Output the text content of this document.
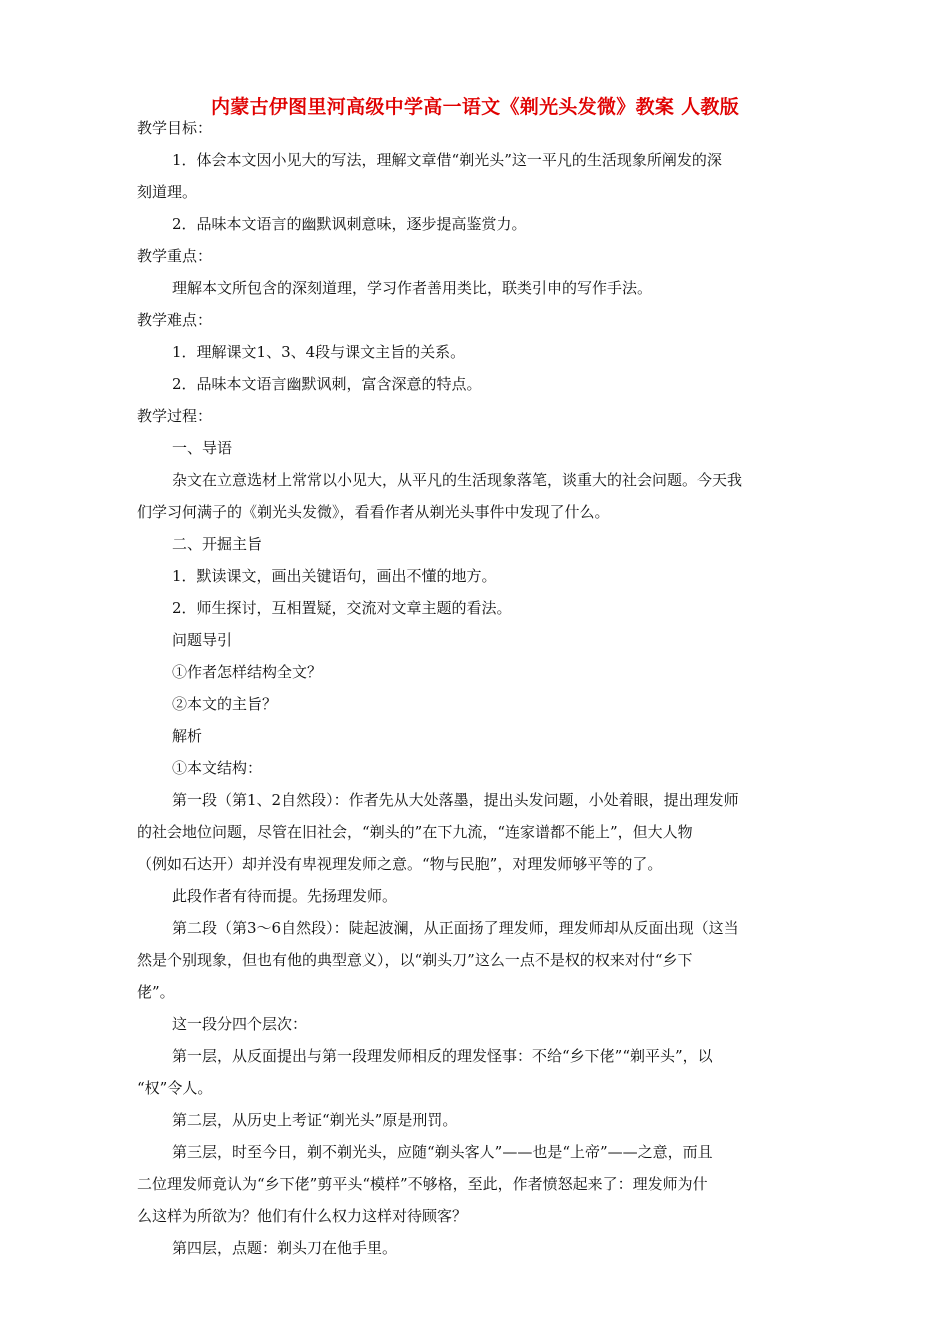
内蒙古伊图里河高级中学高一语文《剃光头发微》教案 人教版
教学目标：
1．体会本文因小见大的写法，理解文章借“剃光头”这一平凡的生活现象所阐发的深
刻道理。
2．品味本文语言的幽默讽刺意味，逐步提高鉴赏力。
教学重点：
理解本文所包含的深刻道理，学习作者善用类比，联类引申的写作手法。
教学难点：
1．理解课文1、3、4段与课文主旨的关系。
2．品味本文语言幽默讽刺，富含深意的特点。
教学过程：
一、导语
杂文在立意选材上常常以小见大，从平凡的生活现象落笔，谈重大的社会问题。今天我
们学习何满子的《剃光头发微》，看看作者从剃光头事件中发现了什么。
二、开掘主旨
1．默读课文，画出关键语句，画出不懂的地方。
2．师生探讨，互相置疑，交流对文章主题的看法。
问题导引
①作者怎样结构全文？
②本文的主旨？
解析
①本文结构：
第一段（第1、2自然段）：作者先从大处落墨，提出头发问题，小处着眼，提出理发师
的社会地位问题，尽管在旧社会，“剃头的”在下九流，“连家谱都不能上”，但大人物
（例如石达开）却并没有卑视理发师之意。“物与民胞”，对理发师够平等的了。
此段作者有待而提。先扬理发师。
第二段（第3～6自然段）：陡起波澜，从正面扬了理发师，理发师却从反面出现（这当
然是个别现象，但也有他的典型意义），以“剃头刀”这么一点不是权的权来对付“乡下
佬”。
这一段分四个层次：
第一层，从反面提出与第一段理发师相反的理发怪事：不给“乡下佬”“剃平头”，以
“权”令人。
第二层，从历史上考证“剃光头”原是刑罚。
第三层，时至今日，剃不剃光头，应随“剃头客人”——也是“上帝”——之意，而且
二位理发师竟认为“乡下佬”剪平头“模样”不够格，至此，作者愤怒起来了：理发师为什
么这样为所欲为？他们有什么权力这样对待顾客？
第四层，点题：剃头刀在他手里。
